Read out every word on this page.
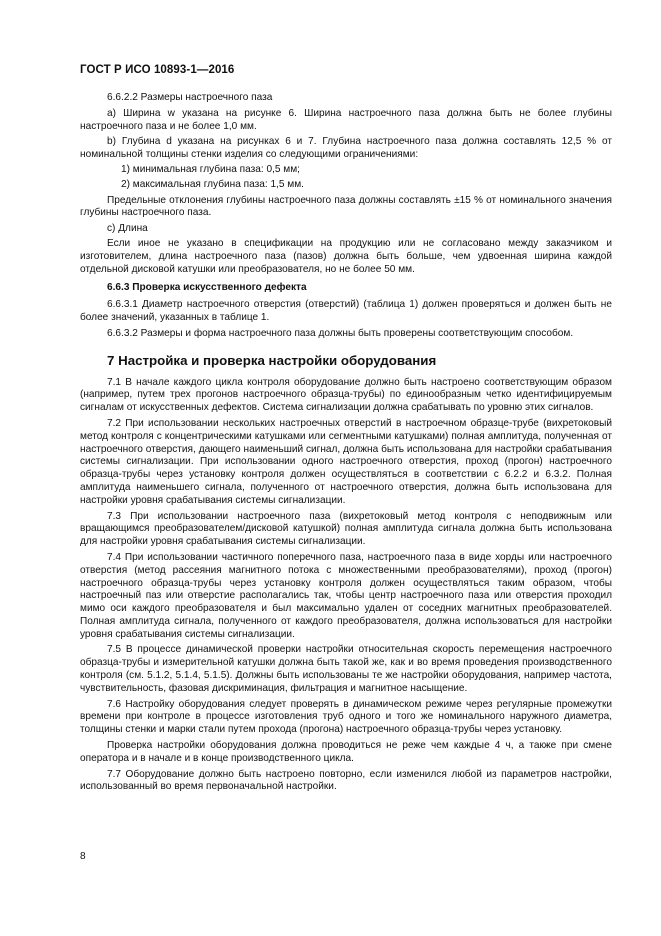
ГОСТ Р ИСО 10893-1—2016

6.6.2.2 Размеры настроечного паза

а) Ширина w указана на рисунке 6. Ширина настроечного паза должна быть не более глубины настроечного паза и не более 1,0 мм.

b) Глубина d указана на рисунках 6 и 7. Глубина настроечного паза должна составлять 12,5 % от номинальной толщины стенки изделия со следующими ограничениями:

1) минимальная глубина паза: 0,5 мм;

2) максимальная глубина паза: 1,5 мм.

Предельные отклонения глубины настроечного паза должны составлять ±15 % от номинального значения глубины настроечного паза.

с) Длина

Если иное не указано в спецификации на продукцию или не согласовано между заказчиком и изготовителем, длина настроечного паза (пазов) должна быть больше, чем удвоенная ширина каждой отдельной дисковой катушки или преобразователя, но не более 50 мм.

6.6.3 Проверка искусственного дефекта

6.6.3.1 Диаметр настроечного отверстия (отверстий) (таблица 1) должен проверяться и должен быть не более значений, указанных в таблице 1.

6.6.3.2 Размеры и форма настроечного паза должны быть проверены соответствующим способом.

7 Настройка и проверка настройки оборудования

7.1 В начале каждого цикла контроля оборудование должно быть настроено соответствующим образом (например, путем трех прогонов настроечного образца-трубы) по единообразным четко идентифицируемым сигналам от искусственных дефектов. Система сигнализации должна срабатывать по уровню этих сигналов.

7.2 При использовании нескольких настроечных отверстий в настроечном образце-трубе (вихретоковый метод контроля с концентрическими катушками или сегментными катушками) полная амплитуда, полученная от настроечного отверстия, дающего наименьший сигнал, должна быть использована для настройки срабатывания системы сигнализации. При использовании одного настроечного отверстия, проход (прогон) настроечного образца-трубы через установку контроля должен осуществляться в соответствии с 6.2.2 и 6.3.2. Полная амплитуда наименьшего сигнала, полученного от настроечного отверстия, должна быть использована для настройки уровня срабатывания системы сигнализации.

7.3 При использовании настроечного паза (вихретоковый метод контроля с неподвижным или вращающимся преобразователем/дисковой катушкой) полная амплитуда сигнала должна быть использована для настройки уровня срабатывания системы сигнализации.

7.4 При использовании частичного поперечного паза, настроечного паза в виде хорды или настроечного отверстия (метод рассеяния магнитного потока с множественными преобразователями), проход (прогон) настроечного образца-трубы через установку контроля должен осуществляться таким образом, чтобы настроечный паз или отверстие располагались так, чтобы центр настроечного паза или отверстия проходил мимо оси каждого преобразователя и был максимально удален от соседних магнитных преобразователей. Полная амплитуда сигнала, полученного от каждого преобразователя, должна использоваться для настройки уровня срабатывания системы сигнализации.

7.5 В процессе динамической проверки настройки относительная скорость перемещения настроечного образца-трубы и измерительной катушки должна быть такой же, как и во время проведения производственного контроля (см. 5.1.2, 5.1.4, 5.1.5). Должны быть использованы те же настройки оборудования, например частота, чувствительность, фазовая дискриминация, фильтрация и магнитное насыщение.

7.6 Настройку оборудования следует проверять в динамическом режиме через регулярные промежутки времени при контроле в процессе изготовления труб одного и того же номинального наружного диаметра, толщины стенки и марки стали путем прохода (прогона) настроечного образца-трубы через установку.

Проверка настройки оборудования должна проводиться не реже чем каждые 4 ч, а также при смене оператора и в начале и в конце производственного цикла.

7.7 Оборудование должно быть настроено повторно, если изменился любой из параметров настройки, использованный во время первоначальной настройки.

8
